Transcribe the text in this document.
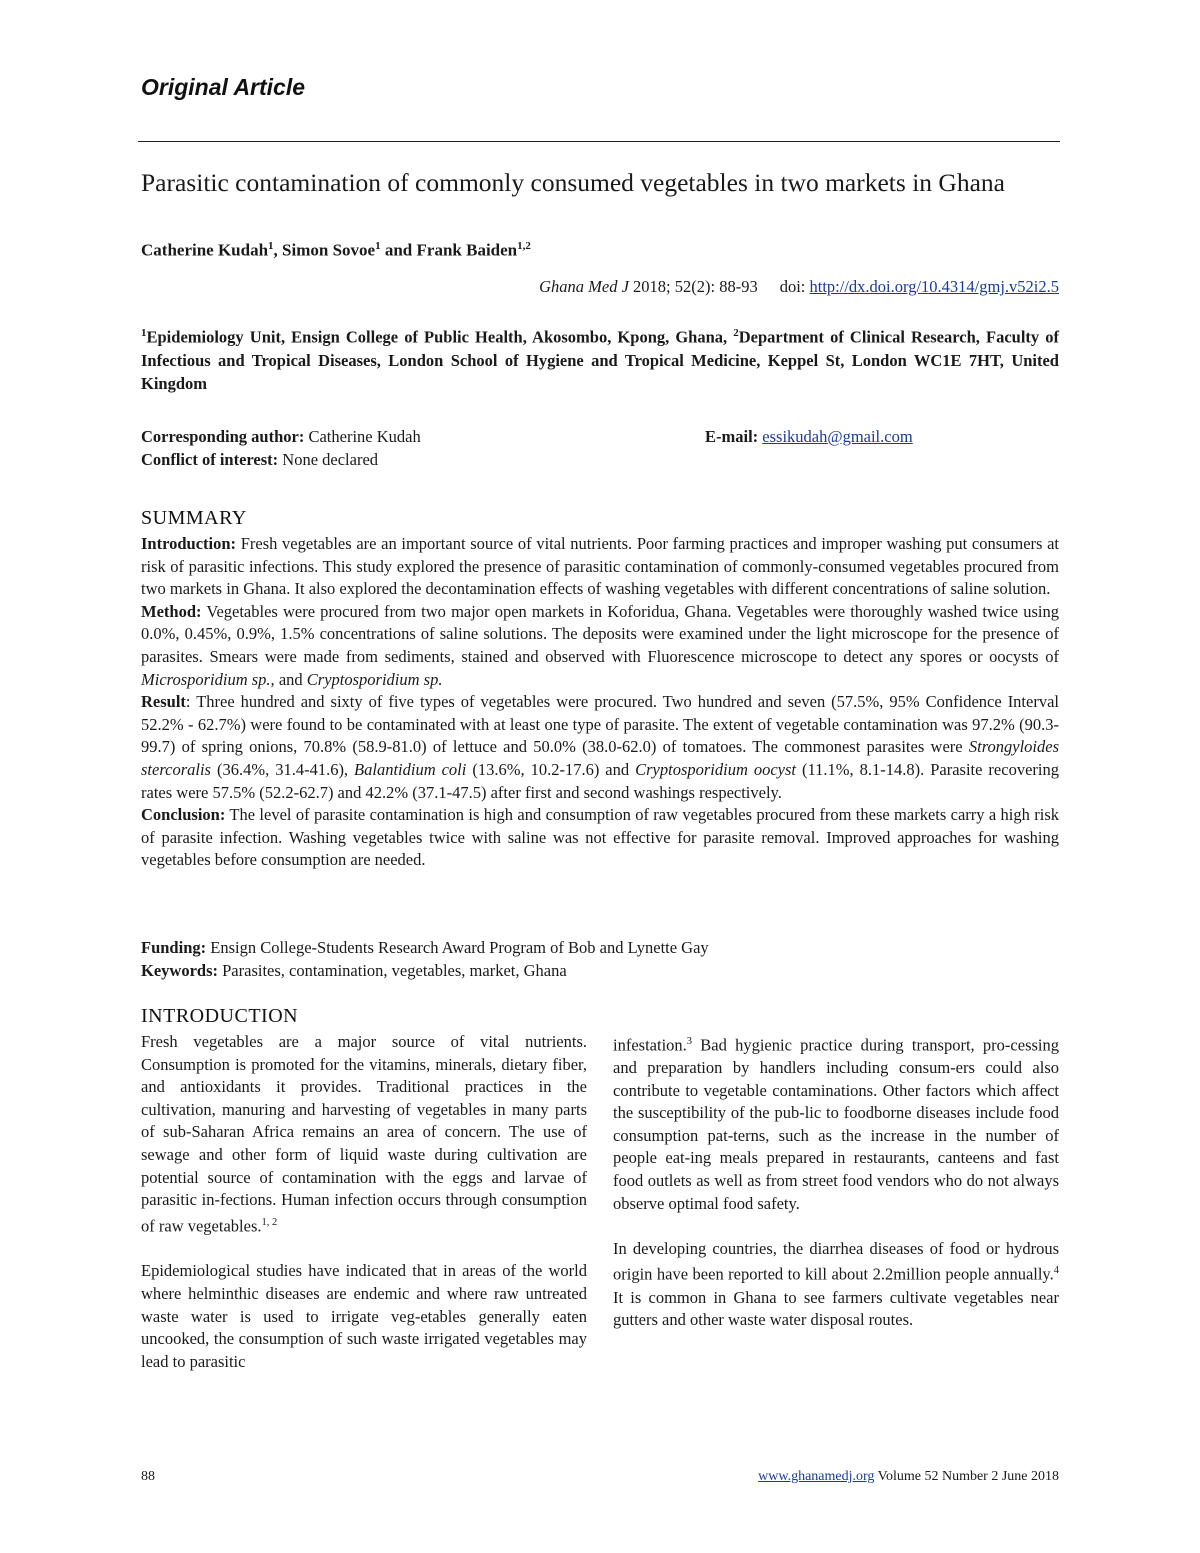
Original Article
Parasitic contamination of commonly consumed vegetables in two markets in Ghana
Catherine Kudah$^1$, Simon Sovoe$^1$ and Frank Baiden$^{1,2}$
Ghana Med J 2018; 52(2): 88-93 doi: http://dx.doi.org/10.4314/gmj.v52i2.5

$^1$Epidemiology Unit, Ensign College of Public Health, Akosombo, Kpong, Ghana, $^2$Department of Clinical Research, Faculty of Infectious and Tropical Diseases, London School of Hygiene and Tropical Medicine, Keppel St, London WC1E 7HT, United Kingdom

Corresponding author: Catherine Kudah
Conflict of interest: None declared
E-mail: essikudah@gmail.com
SUMMARY

Introduction: Fresh vegetables are an important source of vital nutrients. Poor farming practices and improper washing put consumers at risk of parasitic infections. This study explored the presence of parasitic contamination of commonly-consumed vegetables procured from two markets in Ghana. It also explored the decontamination effects of washing vegetables with different concentrations of saline solution.

Method: Vegetables were procured from two major open markets in Koforidua, Ghana. Vegetables were thoroughly washed twice using 0.0%, 0.45%, 0.9%, 1.5% concentrations of saline solutions. The deposits were examined under the light microscope for the presence of parasites. Smears were made from sediments, stained and observed with Fluorescence microscope to detect any spores or oocysts of Microsporidium sp., and Cryptosporidium sp.

Result: Three hundred and sixty of five types of vegetables were procured. Two hundred and seven (57.5%, 95% Confidence Interval 52.2% - 62.7%) were found to be contaminated with at least one type of parasite. The extent of vegetable contamination was 97.2% (90.3-99.7) of spring onions, 70.8% (58.9-81.0) of lettuce and 50.0% (38.0-62.0) of tomatoes. The commonest parasites were Strongyloides stercoralis (36.4%, 31.4-41.6), Balantidium coli (13.6%, 10.2-17.6) and Cryptosporidium oocyst (11.1%, 8.1-14.8). Parasite recovering rates were 57.5% (52.2-62.7) and 42.2% (37.1-47.5) after first and second washings respectively.

Conclusion: The level of parasite contamination is high and consumption of raw vegetables procured from these markets carry a high risk of parasite infection. Washing vegetables twice with saline was not effective for parasite removal. Improved approaches for washing vegetables before consumption are needed.

Funding: Ensign College-Students Research Award Program of Bob and Lynette Gay

Keywords: Parasites, contamination, vegetables, market, Ghana

INTRODUCTION

Fresh vegetables are a major source of vital nutrients. Consumption is promoted for the vitamins, minerals, dietary fiber, and antioxidants it provides. Traditional practices in the cultivation, manuring and harvesting of vegetables in many parts of sub-Saharan Africa remains an area of concern. The use of sewage and other form of liquid waste during cultivation are potential source of contamination with the eggs and larvae of parasitic in-fections. Human infection occurs through consumption of raw vegetables.$^{1, 2}$

Epidemiological studies have indicated that in areas of the world where helminthic diseases are endemic and where raw untreated waste water is used to irrigate veg-etables generally eaten uncooked, the consumption of such waste irrigated vegetables may lead to parasitic

infestation.$^3$ Bad hygienic practice during transport, pro-cessing and preparation by handlers including consum-ers could also contribute to vegetable contaminations. Other factors which affect the susceptibility of the pub-lic to foodborne diseases include food consumption pat-terns, such as the increase in the number of people eat-ing meals prepared in restaurants, canteens and fast food outlets as well as from street food vendors who do not always observe optimal food safety.

In developing countries, the diarrhea diseases of food or hydrous origin have been reported to kill about 2.2million people annually.$^4$ It is common in Ghana to see farmers cultivate vegetables near gutters and other waste water disposal routes.

88	www.ghanamedj.org Volume 52 Number 2 June 2018
